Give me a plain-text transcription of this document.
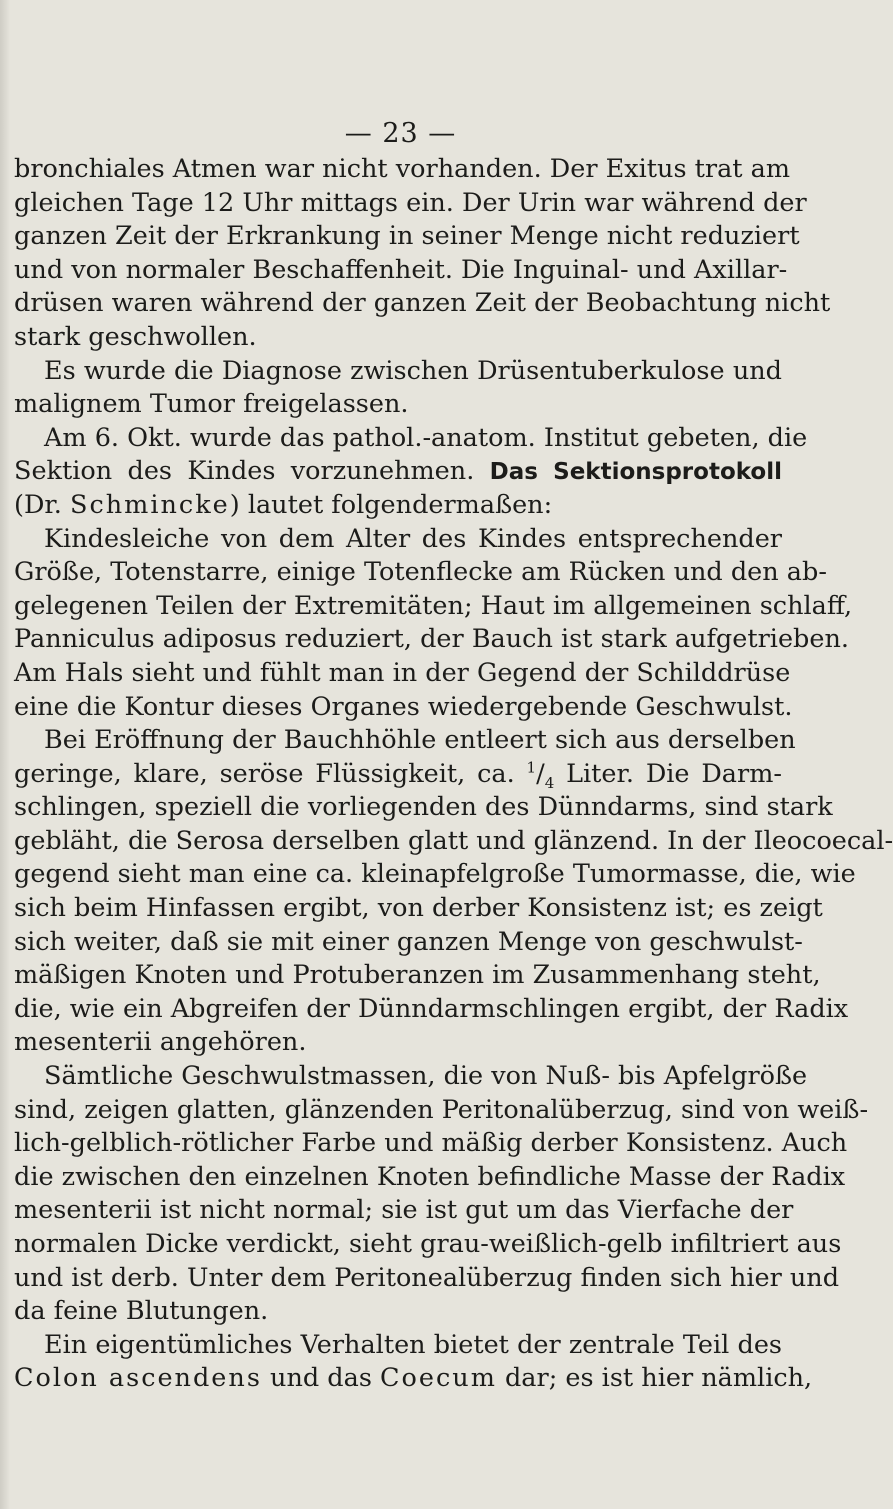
— 23 —
bronchiales Atmen war nicht vorhanden. Der Exitus trat am
gleichen Tage 12 Uhr mittags ein. Der Urin war während der
ganzen Zeit der Erkrankung in seiner Menge nicht reduziert
und von normaler Beschaffenheit. Die Inguinal- und Axillar-
drüsen waren während der ganzen Zeit der Beobachtung nicht
stark geschwollen.
Es wurde die Diagnose zwischen Drüsentuberkulose und
malignem Tumor freigelassen.
Am 6. Okt. wurde das pathol.-anatom. Institut gebeten, die
Sektion des Kindes vorzunehmen. Das Sektionsprotokoll
(Dr. Schmincke) lautet folgendermaßen:
Kindesleiche von dem Alter des Kindes entsprechender
Größe, Totenstarre, einige Totenflecke am Rücken und den ab-
gelegenen Teilen der Extremitäten; Haut im allgemeinen schlaff,
Panniculus adiposus reduziert, der Bauch ist stark aufgetrieben.
Am Hals sieht und fühlt man in der Gegend der Schilddrüse
eine die Kontur dieses Organes wiedergebende Geschwulst.
Bei Eröffnung der Bauchhöhle entleert sich aus derselben
geringe, klare, seröse Flüssigkeit, ca. $^1/_4$ Liter. Die Darm-
schlingen, speziell die vorliegenden des Dünndarms, sind stark
gebläht, die Serosa derselben glatt und glänzend. In der Ileocoecal-
gegend sieht man eine ca. kleinapfelgroße Tumormasse, die, wie
sich beim Hinfassen ergibt, von derber Konsistenz ist; es zeigt
sich weiter, daß sie mit einer ganzen Menge von geschwulst-
mäßigen Knoten und Protuberanzen im Zusammenhang steht,
die, wie ein Abgreifen der Dünndarmschlingen ergibt, der Radix
mesenterii angehören.
Sämtliche Geschwulstmassen, die von Nuß- bis Apfelgröße
sind, zeigen glatten, glänzenden Peritonalüberzug, sind von weiß-
lich-gelblich-rötlicher Farbe und mäßig derber Konsistenz. Auch
die zwischen den einzelnen Knoten befindliche Masse der Radix
mesenterii ist nicht normal; sie ist gut um das Vierfache der
normalen Dicke verdickt, sieht grau-weißlich-gelb infiltriert aus
und ist derb. Unter dem Peritonealüberzug finden sich hier und
da feine Blutungen.
Ein eigentümliches Verhalten bietet der zentrale Teil des
Colon ascendens und das Coecum dar; es ist hier nämlich,
